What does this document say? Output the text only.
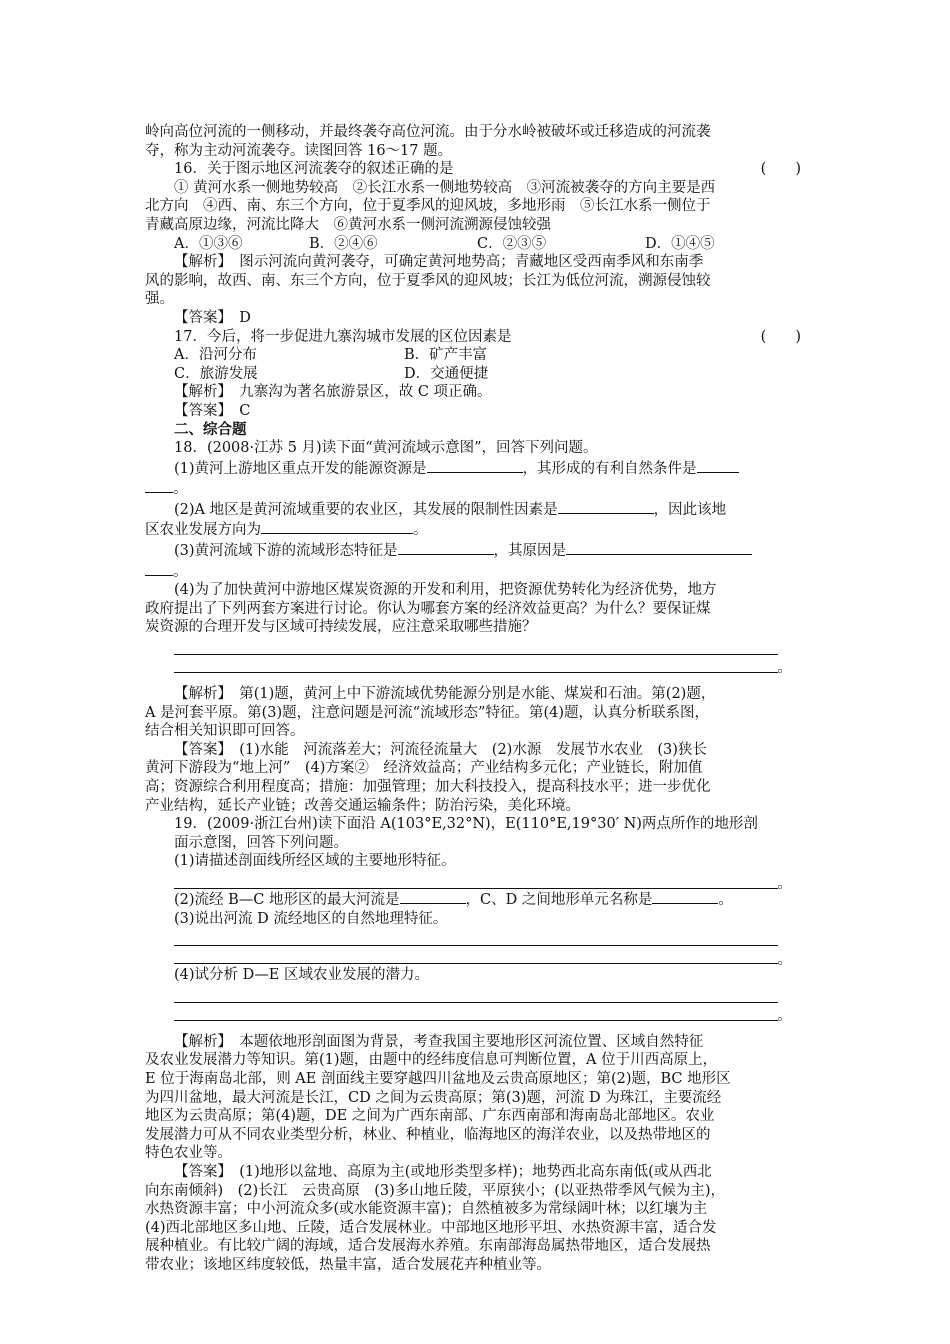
岭向高位河流的一侧移动，并最终袭夺高位河流。由于分水岭被破坏或迁移造成的河流袭
夺，称为主动河流袭夺。读图回答 16～17 题。

16．关于图示地区河流袭夺的叙述正确的是	(　　)

① 黄河水系一侧地势较高　②长江水系一侧地势较高　③河流被袭夺的方向主要是西
北方向　④西、南、东三个方向，位于夏季风的迎风坡，多地形雨　⑤长江水系一侧位于
青藏高原边缘，河流比降大　⑥黄河水系一侧河流溯源侵蚀较强

A．①③⑥	B．②④⑥	C．②③⑤	D．①④⑤

【解析】　图示河流向黄河袭夺，可确定黄河地势高；青藏地区受西南季风和东南季
风的影响，故西、南、东三个方向，位于夏季风的迎风坡；长江为低位河流，溯源侵蚀较
强。

【答案】　D

17．今后，将一步促进九寨沟城市发展的区位因素是	(　　)

A．沿河分布	B．矿产丰富

C．旅游发展	D．交通便捷

【解析】　九寨沟为著名旅游景区，故 C 项正确。

【答案】　C

二、综合题

18．(2008·江苏 5 月)读下面“黄河流域示意图”，回答下列问题。

(1)黄河上游地区重点开发的能源资源是	，其形成的有利自然条件是

。

(2)A 地区是黄河流域重要的农业区，其发展的限制性因素是	，因此该地

区农业发展方向为	。

(3)黄河流域下游的流域形态特征是	，其原因是

。

(4)为了加快黄河中游地区煤炭资源的开发和利用，把资源优势转化为经济优势，地方
政府提出了下列两套方案进行讨论。你认为哪套方案的经济效益更高？为什么？要保证煤
炭资源的合理开发与区域可持续发展，应注意采取哪些措施？

。

【解析】　第(1)题，黄河上中下游流域优势能源分别是水能、煤炭和石油。第(2)题，
A 是河套平原。第(3)题，注意问题是河流“流域形态”特征。第(4)题，认真分析联系图，
结合相关知识即可回答。

【答案】　(1)水能　河流落差大；河流径流量大　(2)水源　发展节水农业　(3)狭长
黄河下游段为“地上河”　(4)方案②　经济效益高；产业结构多元化；产业链长，附加值
高；资源综合利用程度高；措施：加强管理；加大科技投入，提高科技水平；进一步优化
产业结构，延长产业链；改善交通运输条件；防治污染，美化环境。

19．(2009·浙江台州)读下面沿 A(103°E,32°N)，E(110°E,19°30′ N)两点所作的地形剖
面示意图，回答下列问题。

(1)请描述剖面线所经区域的主要地形特征。

。

(2)流经 B—C 地形区的最大河流是	，C、D 之间地形单元名称是	。

(3)说出河流 D 流经地区的自然地理特征。

。

(4)试分析 D—E 区域农业发展的潜力。

。

【解析】　本题依地形剖面图为背景，考查我国主要地形区河流位置、区域自然特征
及农业发展潜力等知识。第(1)题，由题中的经纬度信息可判断位置，A 位于川西高原上，
E 位于海南岛北部，则 AE 剖面线主要穿越四川盆地及云贵高原地区；第(2)题，BC 地形区
为四川盆地，最大河流是长江，CD 之间为云贵高原；第(3)题，河流 D 为珠江，主要流经
地区为云贵高原；第(4)题，DE 之间为广西东南部、广东西南部和海南岛北部地区。农业
发展潜力可从不同农业类型分析，林业、种植业，临海地区的海洋农业，以及热带地区的
特色农业等。

【答案】　(1)地形以盆地、高原为主(或地形类型多样)；地势西北高东南低(或从西北
向东南倾斜)　(2)长江　云贵高原　(3)多山地丘陵，平原狭小；(以亚热带季风气候为主)，
水热资源丰富；中小河流众多(或水能资源丰富)；自然植被多为常绿阔叶林；以红壤为主
(4)西北部地区多山地、丘陵，适合发展林业。中部地区地形平坦、水热资源丰富，适合发
展种植业。有比较广阔的海域，适合发展海水养殖。东南部海岛属热带地区，适合发展热
带农业；该地区纬度较低，热量丰富，适合发展花卉种植业等。
